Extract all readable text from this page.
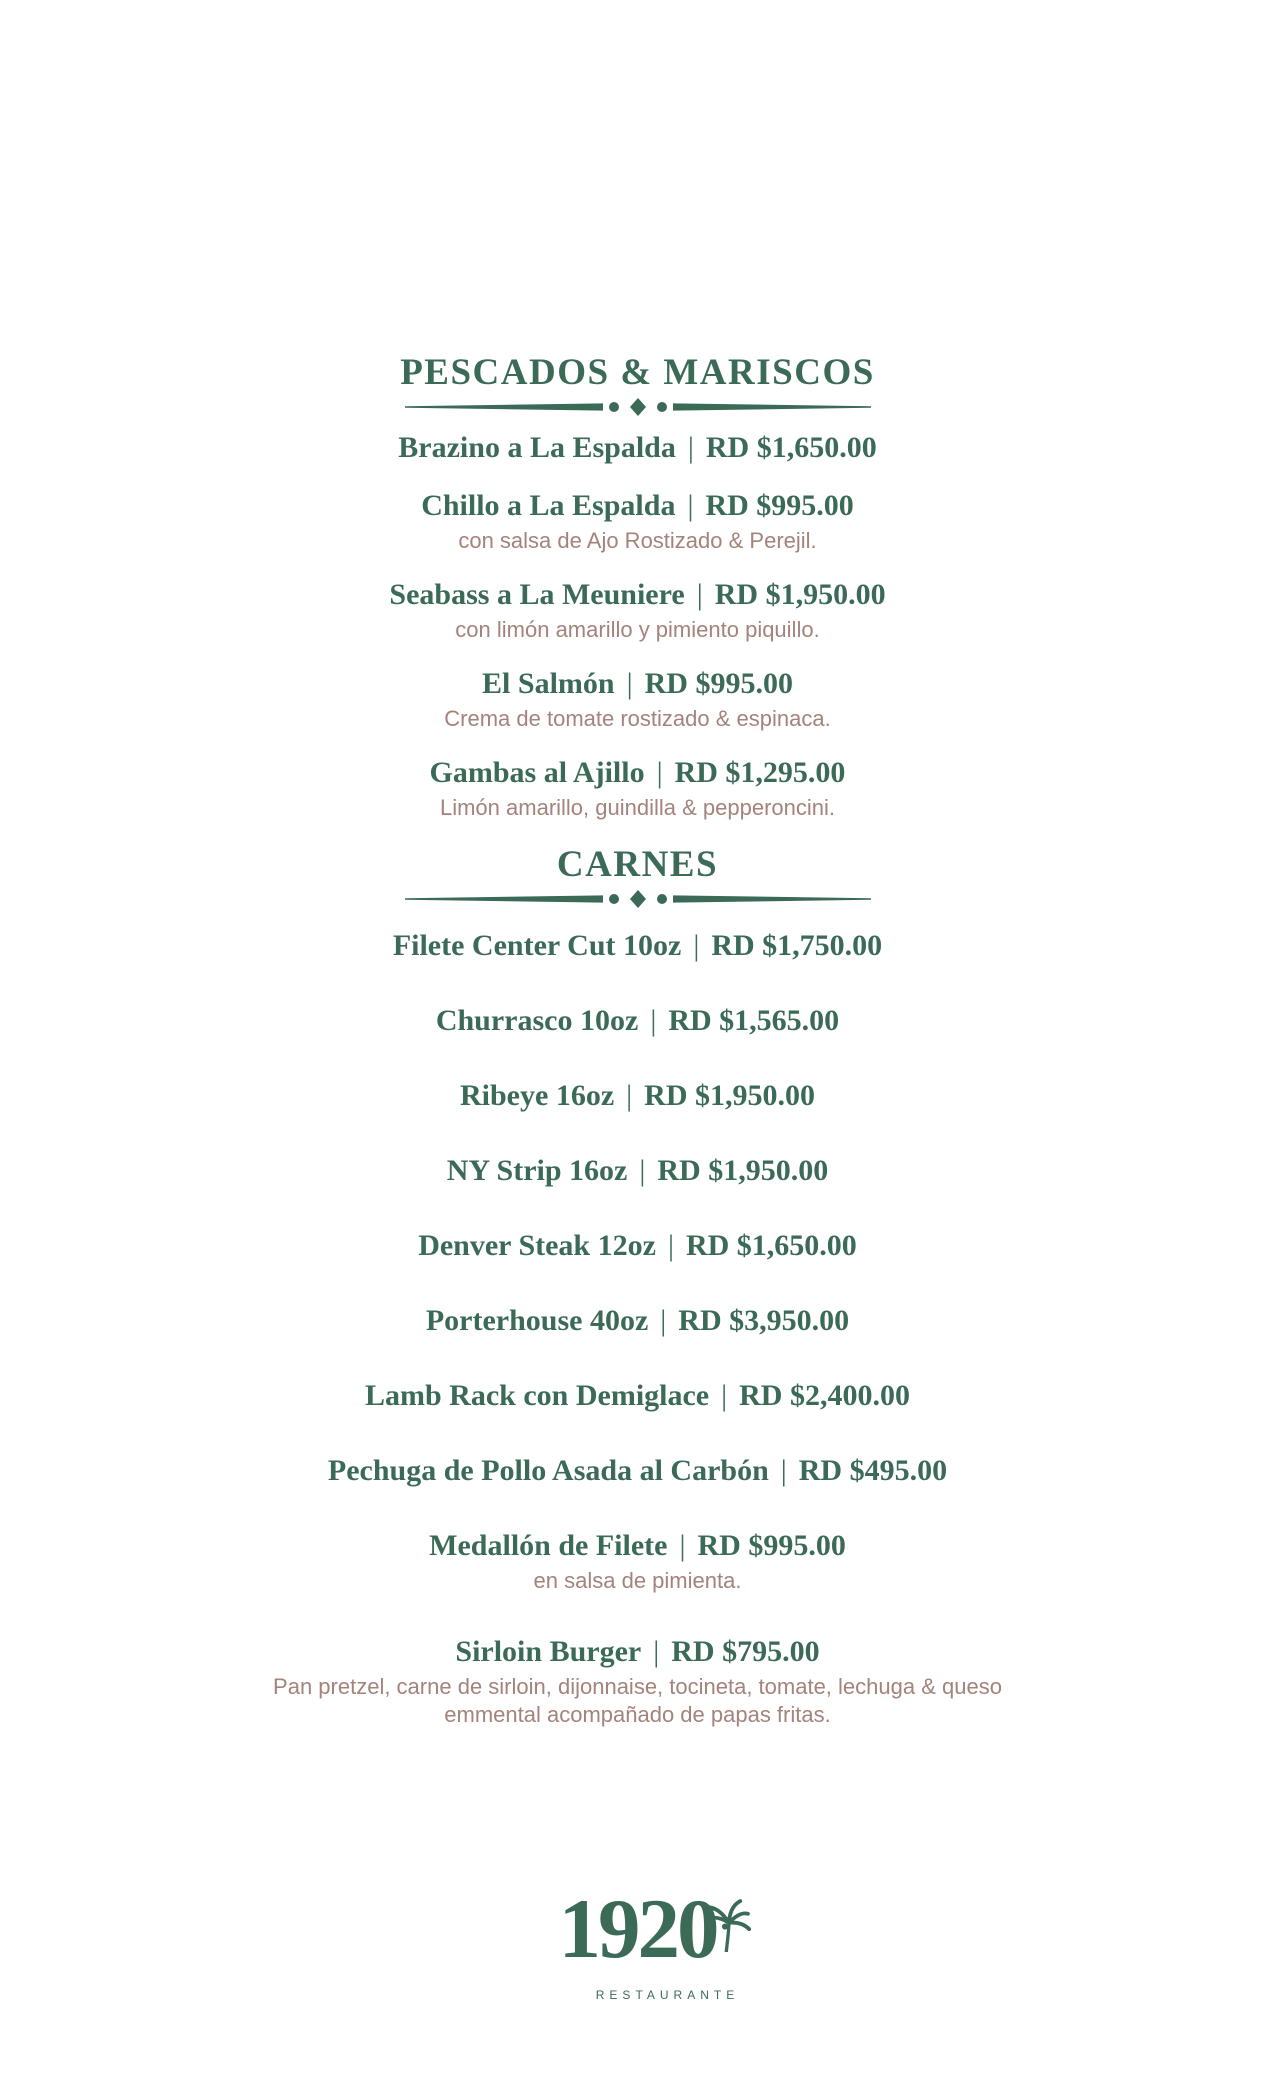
PESCADOS & MARISCOS
Brazino a La Espalda | RD $1,650.00
Chillo a La Espalda | RD $995.00
con salsa de Ajo Rostizado & Perejil.
Seabass a La Meuniere | RD $1,950.00
con limón amarillo y pimiento piquillo.
El Salmón | RD $995.00
Crema de tomate rostizado & espinaca.
Gambas al Ajillo | RD $1,295.00
Limón amarillo, guindilla & pepperoncini.
CARNES
Filete Center Cut 10oz | RD $1,750.00
Churrasco 10oz | RD $1,565.00
Ribeye 16oz | RD $1,950.00
NY Strip 16oz | RD $1,950.00
Denver Steak 12oz | RD $1,650.00
Porterhouse 40oz | RD $3,950.00
Lamb Rack con Demiglace | RD $2,400.00
Pechuga de Pollo Asada al Carbón | RD $495.00
Medallón de Filete | RD $995.00
en salsa de pimienta.
Sirloin Burger | RD $795.00
Pan pretzel, carne de sirloin, dijonnaise, tocineta, tomate, lechuga & queso emmental acompañado de papas fritas.
1920
RESTAURANTE
